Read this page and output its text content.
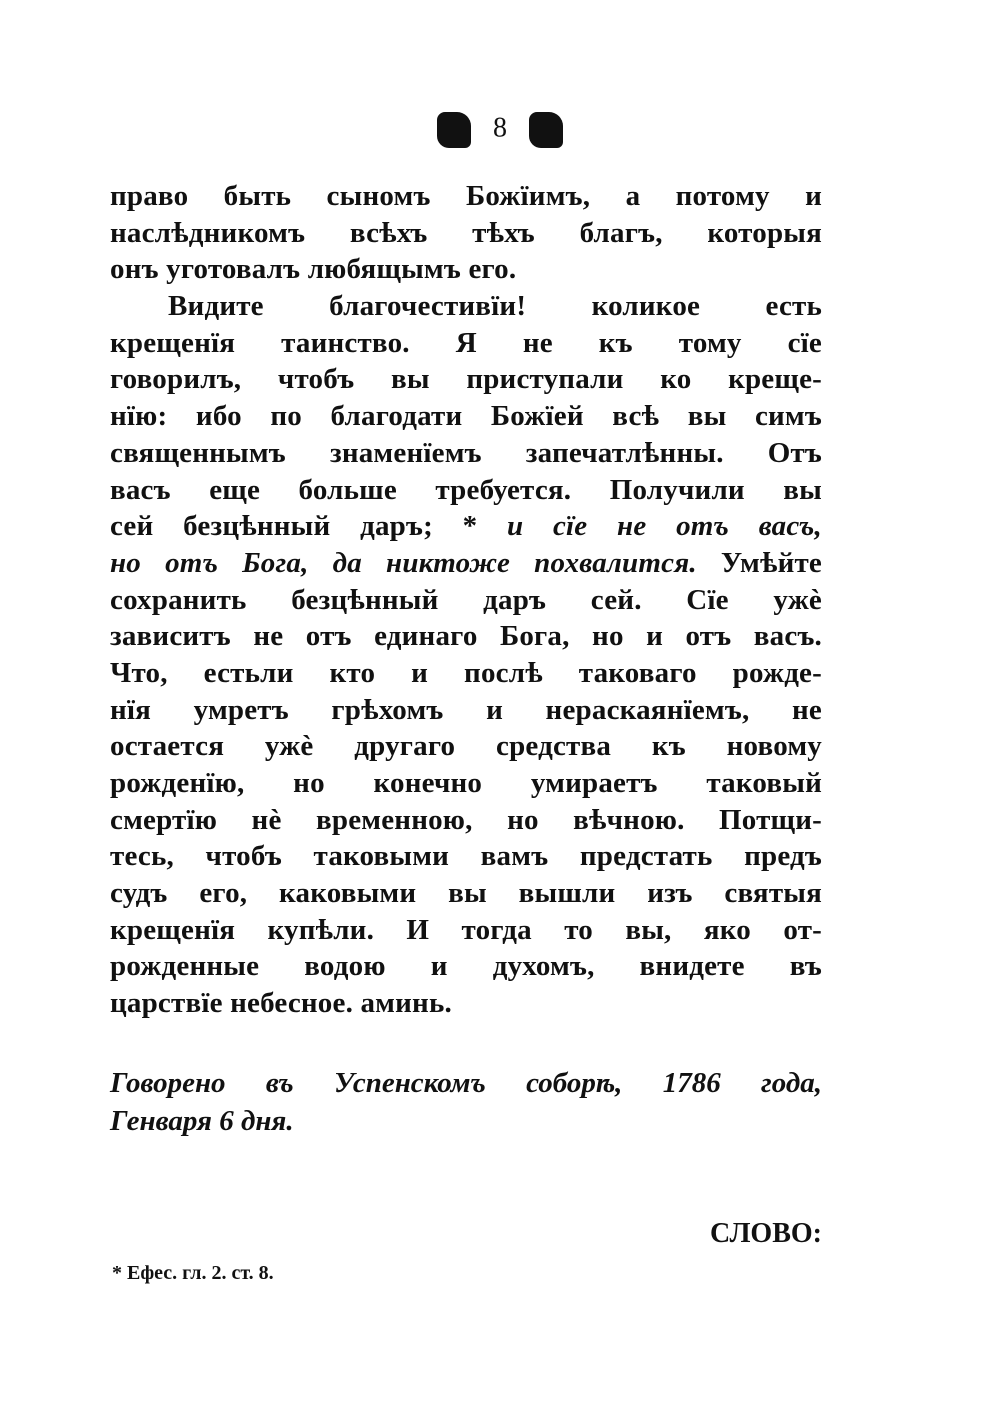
8
право быть сыномъ Божїимъ, а потому и
наслѣдникомъ всѣхъ тѣхъ благъ, которыя
онъ уготовалъ любящымъ его.
Видите благочестивїи! коликое есть
крещенїя таинство. Я не къ тому сїе
говорилъ, чтобъ вы приступали ко креще-
нїю: ибо по благодати Божїей всѣ вы симъ
священнымъ знаменїемъ запечатлѣнны. Отъ
васъ еще больше требуется. Получили вы
сей безцѣнный даръ; * и сїе не отъ васъ,
но отъ Бога, да никтоже похвалится. Умѣйте
сохранить безцѣнный даръ сей. Сїе ужѐ
зависитъ не отъ единаго Бога, но и отъ васъ.
Что, естьли кто и послѣ таковаго рожде-
нїя умретъ грѣхомъ и нераскаянїемъ, не
остается ужѐ другаго средства къ новому
рожденїю, но конечно умираетъ таковый
смертїю нѐ временною, но вѣчною. Потщи-
тесь, чтобъ таковыми вамъ предстать предъ
судъ его, каковыми вы вышли изъ святыя
крещенїя купѣли. И тогда то вы, яко от-
рожденные водою и духомъ, внидете въ
царствїе небесное. аминь.
Говорено въ Успенскомъ соборѣ, 1786 года,
Генваря 6 дня.
СЛОВО:
* Ефес. гл. 2. ст. 8.
